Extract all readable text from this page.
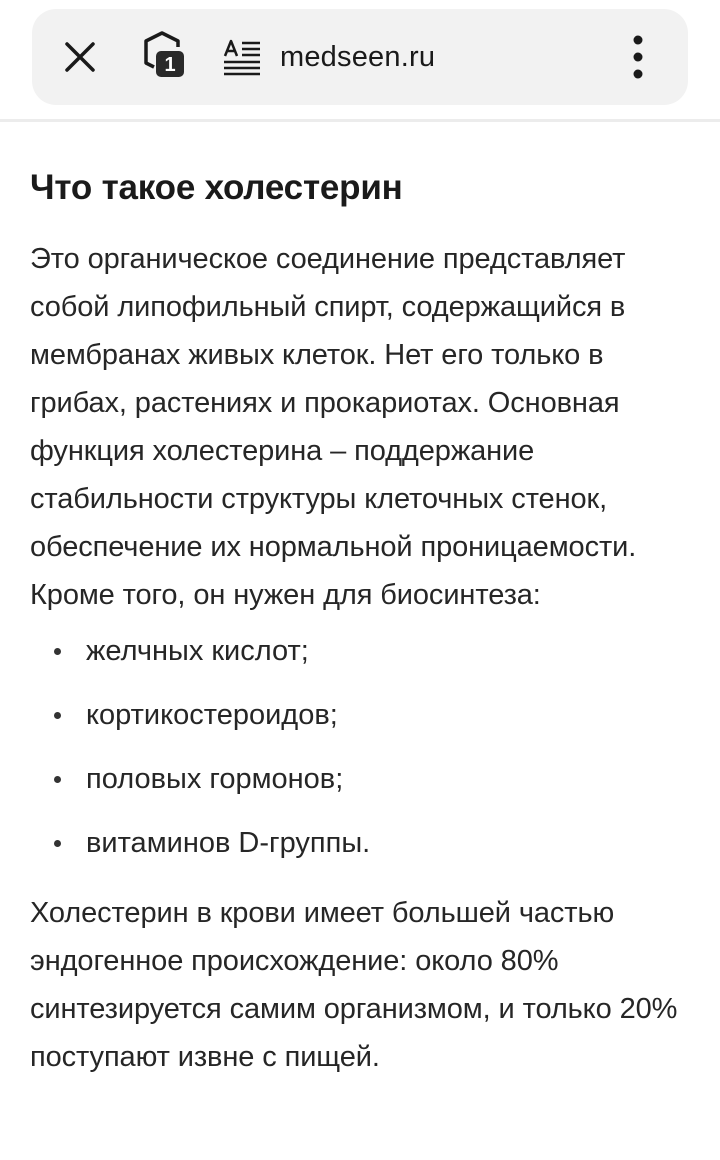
1	medseen.ru
Что такое холестерин

Это органическое соединение представляет собой липофильный спирт, содержащийся в мембранах живых клеток. Нет его только в грибах, растениях и прокариотах. Основная функция холестерина – поддержание стабильности структуры клеточных стенок, обеспечение их нормальной проницаемости. Кроме того, он нужен для биосинтеза:

желчных кислот;
кортикостероидов;
половых гормонов;
витаминов D-группы.

Холестерин в крови имеет большей частью эндогенное происхождение: около 80% синтезируется самим организмом, и только 20% поступают извне с пищей.
